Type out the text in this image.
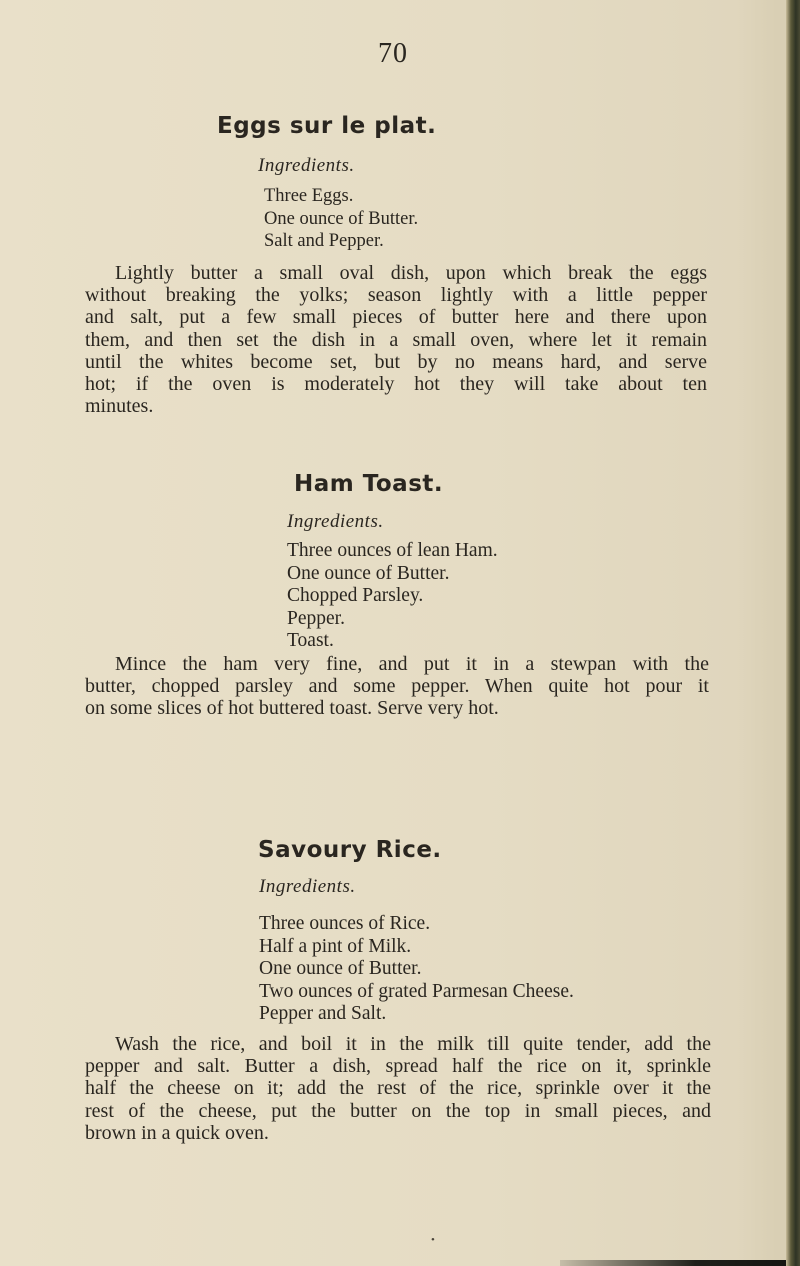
70
Eggs sur le plat.
Ingredients.
Three Eggs.
One ounce of Butter.
Salt and Pepper.
Lightly butter a small oval dish, upon which break the eggs
without breaking the yolks; season lightly with a little pepper
and salt, put a few small pieces of butter here and there upon
them, and then set the dish in a small oven, where let it remain
until the whites become set, but by no means hard, and serve
hot; if the oven is moderately hot they will take about ten
minutes.
Ham Toast.
Ingredients.
Three ounces of lean Ham.
One ounce of Butter.
Chopped Parsley.
Pepper.
Toast.
Mince the ham very fine, and put it in a stewpan with the
butter, chopped parsley and some pepper. When quite hot pour it
on some slices of hot buttered toast. Serve very hot.
Savoury Rice.
Ingredients.
Three ounces of Rice.
Half a pint of Milk.
One ounce of Butter.
Two ounces of grated Parmesan Cheese.
Pepper and Salt.
Wash the rice, and boil it in the milk till quite tender, add the
pepper and salt. Butter a dish, spread half the rice on it, sprinkle
half the cheese on it; add the rest of the rice, sprinkle over it the
rest of the cheese, put the butter on the top in small pieces, and
brown in a quick oven.
•
